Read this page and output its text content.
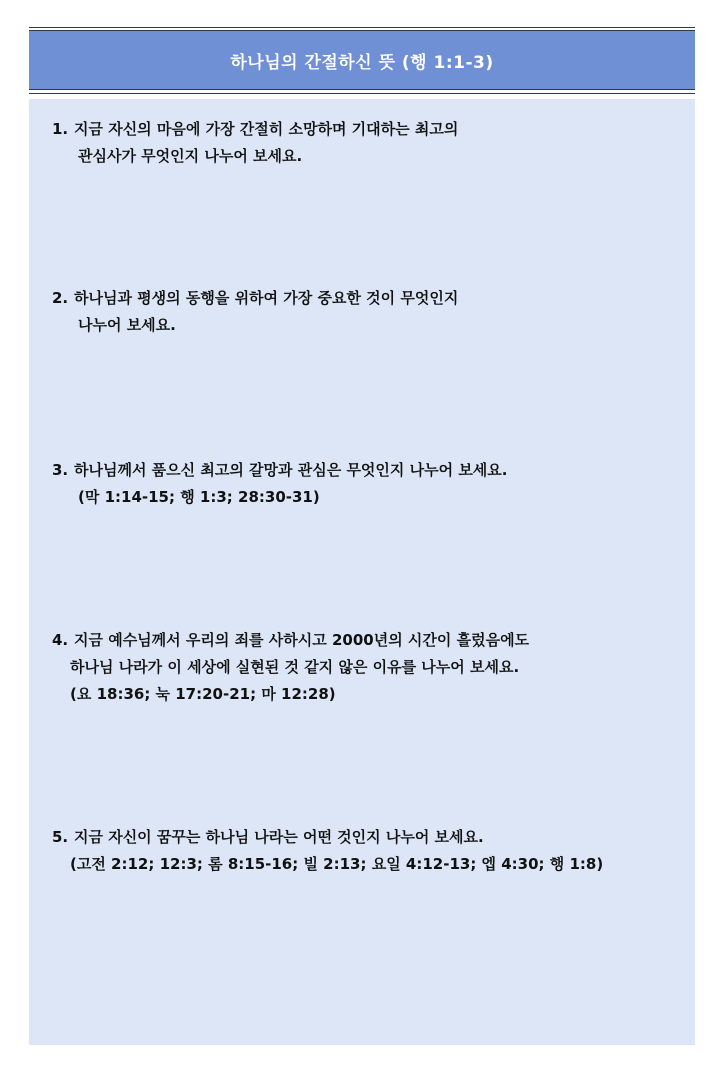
하나님의 간절하신 뜻 (행 1:1-3)
1. 지금 자신의 마음에 가장 간절히 소망하며 기대하는 최고의
관심사가 무엇인지 나누어 보세요.
2. 하나님과 평생의 동행을 위하여 가장 중요한 것이 무엇인지
나누어 보세요.
3. 하나님께서 품으신 최고의 갈망과 관심은 무엇인지 나누어 보세요.
(막 1:14-15; 행 1:3; 28:30-31)
4. 지금 예수님께서 우리의 죄를 사하시고 2000년의 시간이 흘렀음에도
하나님 나라가 이 세상에 실현된 것 같지 않은 이유를 나누어 보세요.
(요 18:36; 눅 17:20-21; 마 12:28)
5. 지금 자신이 꿈꾸는 하나님 나라는 어떤 것인지 나누어 보세요.
(고전 2:12; 12:3; 롬 8:15-16; 빌 2:13; 요일 4:12-13; 엡 4:30; 행 1:8)
